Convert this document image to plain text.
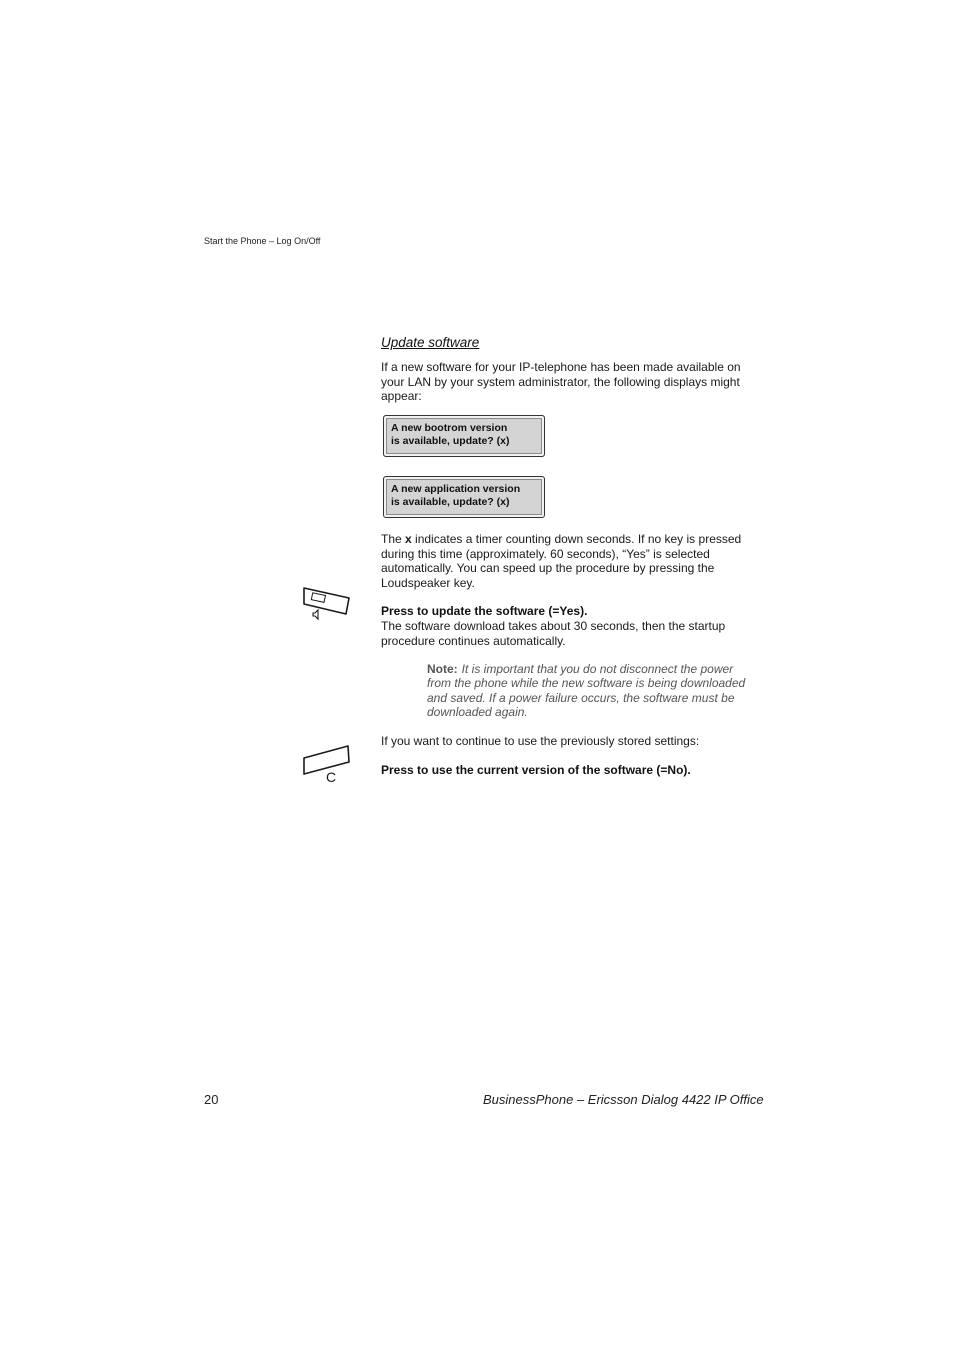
Start the Phone – Log On/Off
Update software
If a new software for your IP-telephone has been made available on your LAN by your system administrator, the following displays might appear:
A new bootrom version
is available, update? (x)
A new application version
is available, update? (x)
The x indicates a timer counting down seconds. If no key is pressed during this time (approximately. 60 seconds), “Yes” is selected automatically. You can speed up the procedure by pressing the Loudspeaker key.
Press to update the software (=Yes).
The software download takes about 30 seconds, then the startup procedure continues automatically.
Note: It is important that you do not disconnect the power from the phone while the new software is being downloaded and saved. If a power failure occurs, the software must be downloaded again.
If you want to continue to use the previously stored settings:
C	Press to use the current version of the software (=No).
20	BusinessPhone – Ericsson Dialog 4422 IP Office
